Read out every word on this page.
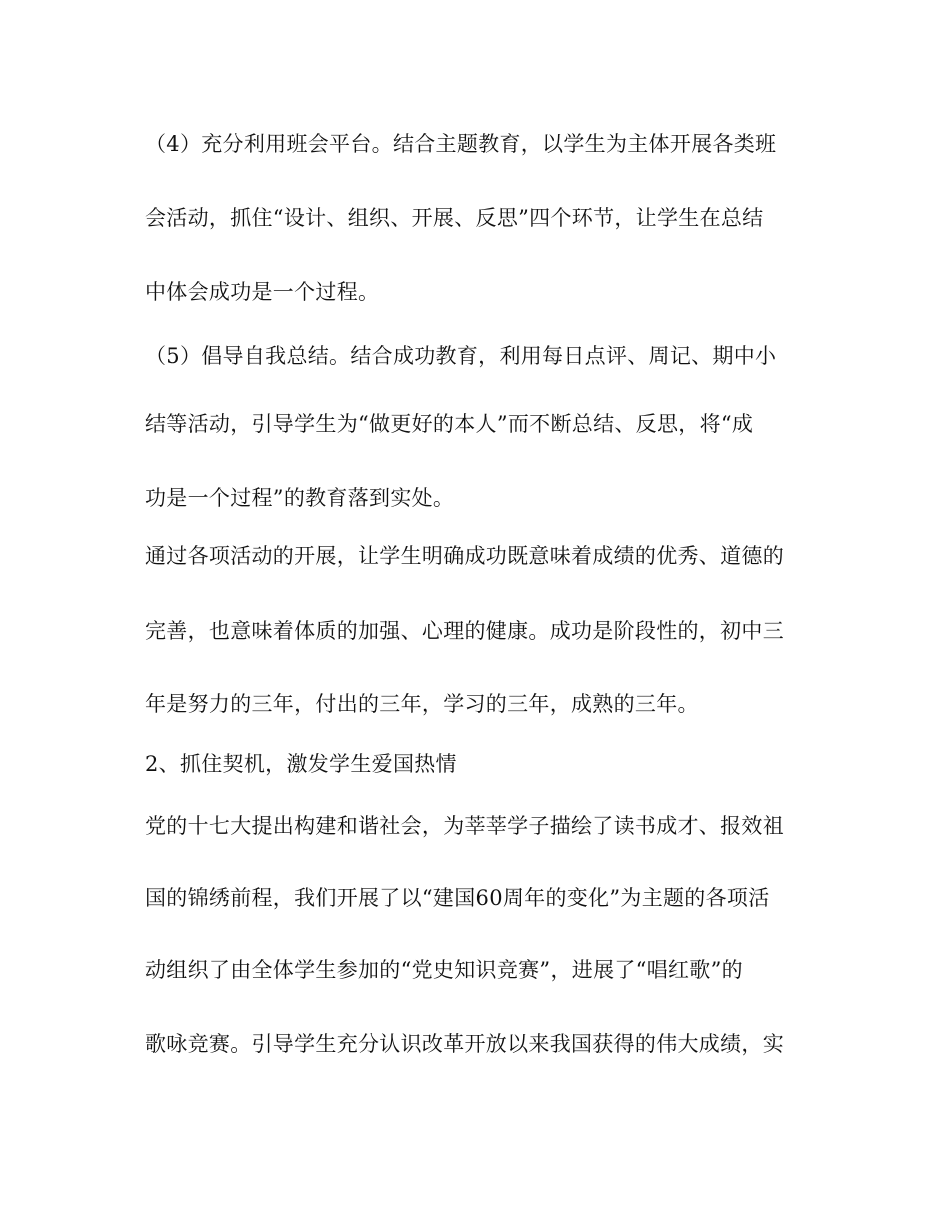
（4）充分利用班会平台。结合主题教育，以学生为主体开展各类班
会活动，抓住“设计、组织、开展、反思”四个环节，让学生在总结
中体会成功是一个过程。
（5）倡导自我总结。结合成功教育，利用每日点评、周记、期中小
结等活动，引导学生为“做更好的本人”而不断总结、反思，将“成
功是一个过程”的教育落到实处。
通过各项活动的开展，让学生明确成功既意味着成绩的优秀、道德的
完善，也意味着体质的加强、心理的健康。成功是阶段性的，初中三
年是努力的三年，付出的三年，学习的三年，成熟的三年。
2、抓住契机，激发学生爱国热情
党的十七大提出构建和谐社会，为莘莘学子描绘了读书成才、报效祖
国的锦绣前程，我们开展了以“建国60周年的变化”为主题的各项活
动组织了由全体学生参加的“党史知识竞赛”，进展了“唱红歌”的
歌咏竞赛。引导学生充分认识改革开放以来我国获得的伟大成绩，实
